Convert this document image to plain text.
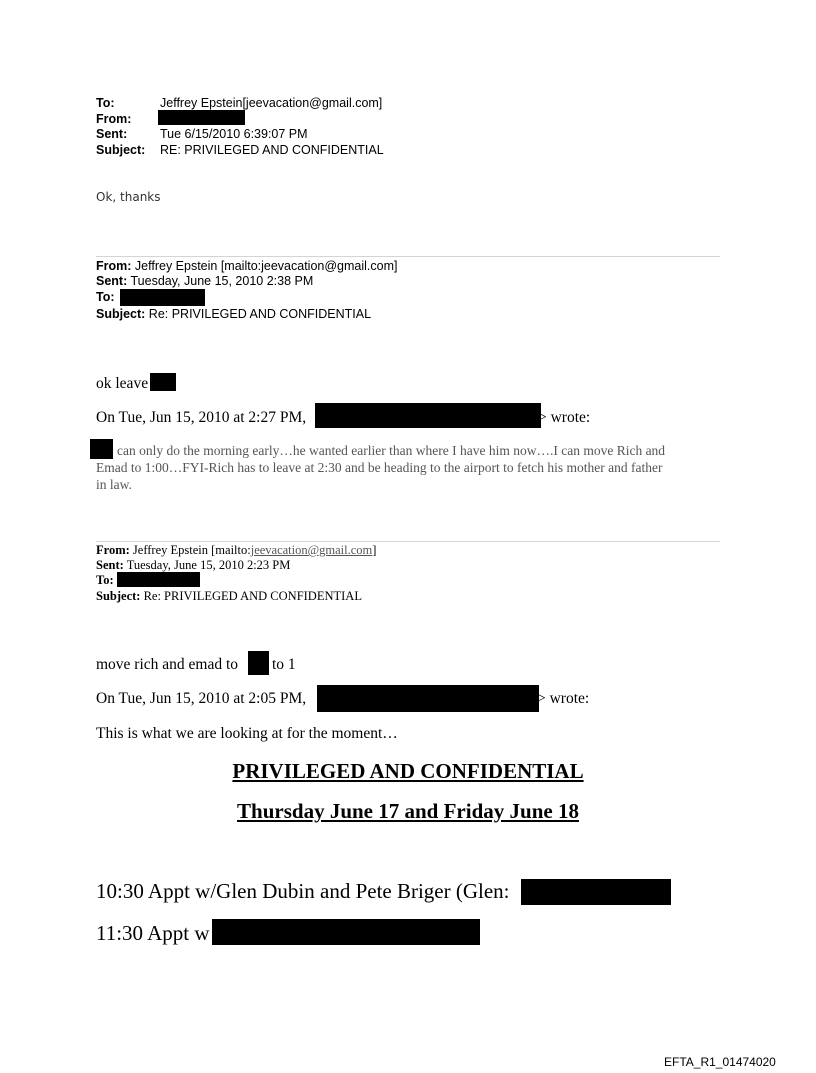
To:	Jeffrey Epstein[jeevacation@gmail.com]
From:
Sent:	Tue 6/15/2010 6:39:07 PM
Subject: RE: PRIVILEGED AND CONFIDENTIAL
Ok, thanks
From: Jeffrey Epstein [mailto:jeevacation@gmail.com]
Sent: Tuesday, June 15, 2010 2:38 PM
To:
Subject: Re: PRIVILEGED AND CONFIDENTIAL
ok leave
On Tue, Jun 15, 2010 at 2:27 PM,	> wrote:
can only do the morning early…he wanted earlier than where I have him now….I can move Rich and
Emad to 1:00…FYI-Rich has to leave at 2:30 and be heading to the airport to fetch his mother and father
in law.
From: Jeffrey Epstein [mailto:jeevacation@gmail.com]
Sent: Tuesday, June 15, 2010 2:23 PM
To:
Subject: Re: PRIVILEGED AND CONFIDENTIAL
move rich and emad to to 1
On Tue, Jun 15, 2010 at 2:05 PM,	> wrote:
This is what we are looking at for the moment…
PRIVILEGED AND CONFIDENTIAL
Thursday June 17 and Friday June 18
10:30 Appt w/Glen Dubin and Pete Briger (Glen:
11:30 Appt w
EFTA_R1_01474020
